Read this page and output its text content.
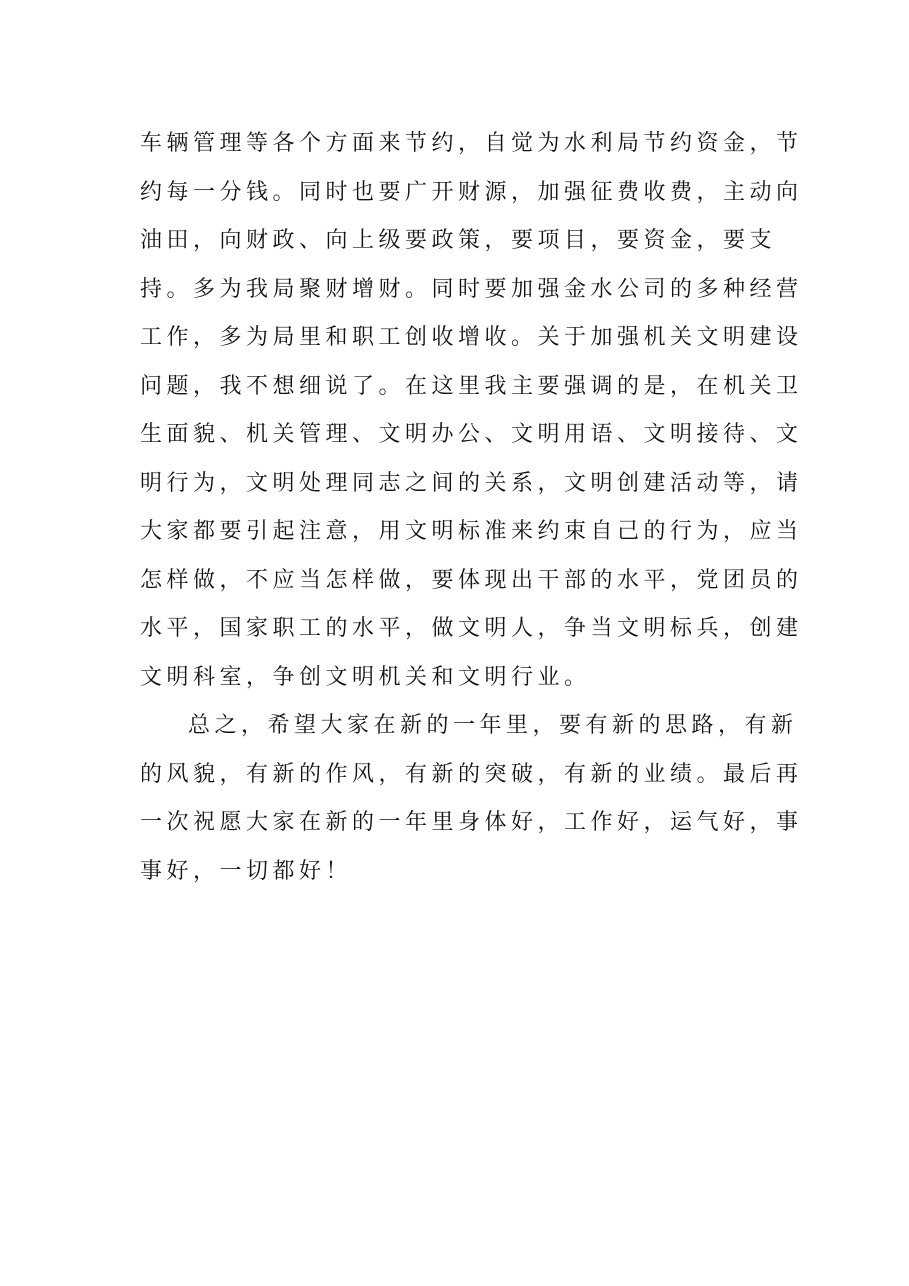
车辆管理等各个方面来节约，自觉为水利局节约资金，节
约每一分钱。同时也要广开财源，加强征费收费，主动向
油田，向财政、向上级要政策，要项目，要资金，要支
持。多为我局聚财增财。同时要加强金水公司的多种经营
工作，多为局里和职工创收增收。关于加强机关文明建设
问题，我不想细说了。在这里我主要强调的是，在机关卫
生面貌、机关管理、文明办公、文明用语、文明接待、文
明行为，文明处理同志之间的关系，文明创建活动等，请
大家都要引起注意，用文明标准来约束自己的行为，应当
怎样做，不应当怎样做，要体现出干部的水平，党团员的
水平，国家职工的水平，做文明人，争当文明标兵，创建
文明科室，争创文明机关和文明行业。
总之，希望大家在新的一年里，要有新的思路，有新
的风貌，有新的作风，有新的突破，有新的业绩。最后再
一次祝愿大家在新的一年里身体好，工作好，运气好，事
事好，一切都好！
